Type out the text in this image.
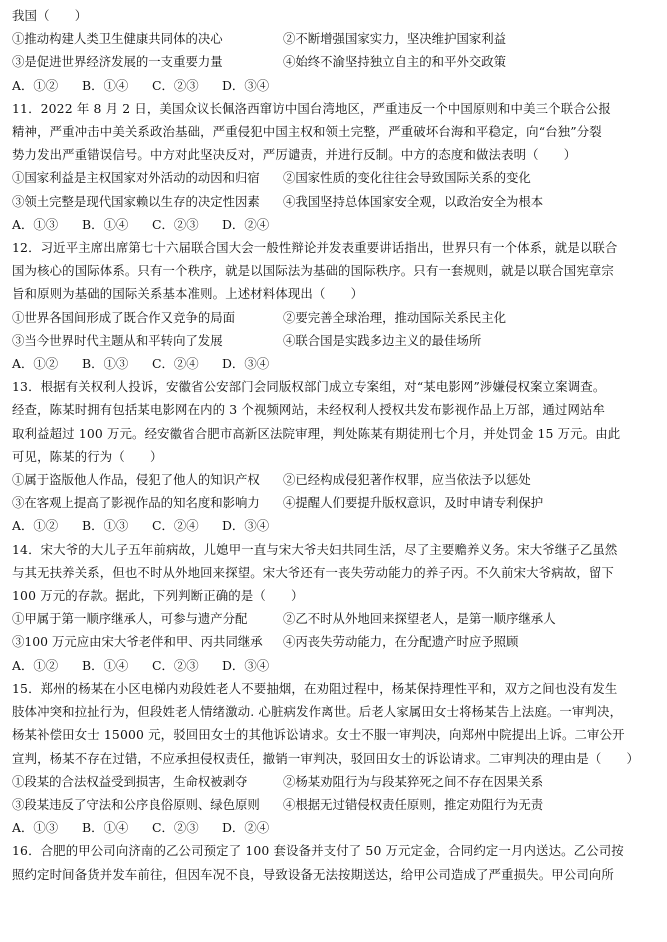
我国（　　）
①推动构建人类卫生健康共同体的决心	②不断增强国家实力，坚决维护国家利益
③是促进世界经济发展的一支重要力量	④始终不渝坚持独立自主的和平外交政策
A．①②	B．①④	C．②③	D．③④
11．2022 年 8 月 2 日，美国众议长佩洛西窜访中国台湾地区，严重违反一个中国原则和中美三个联合公报
精神，严重冲击中美关系政治基础，严重侵犯中国主权和领土完整，严重破坏台海和平稳定，向“台独”分裂
势力发出严重错误信号。中方对此坚决反对，严厉谴责，并进行反制。中方的态度和做法表明（　　）
①国家利益是主权国家对外活动的动因和归宿	②国家性质的变化往往会导致国际关系的变化
③领土完整是现代国家赖以生存的决定性因素	④我国坚持总体国家安全观，以政治安全为根本
A．①③	B．①④	C．②③	D．②④
12．习近平主席出席第七十六届联合国大会一般性辩论并发表重要讲话指出，世界只有一个体系，就是以联合
国为核心的国际体系。只有一个秩序，就是以国际法为基础的国际秩序。只有一套规则，就是以联合国宪章宗
旨和原则为基础的国际关系基本准则。上述材料体现出（　　）
①世界各国间形成了既合作又竞争的局面	②要完善全球治理，推动国际关系民主化
③当今世界时代主题从和平转向了发展	④联合国是实践多边主义的最佳场所
A．①②	B．①③	C．②④	D．③④
13．根据有关权利人投诉，安徽省公安部门会同版权部门成立专案组，对“某电影网”涉嫌侵权案立案调查。
经查，陈某时拥有包括某电影网在内的 3 个视频网站，未经权利人授权共发布影视作品上万部，通过网站牟
取利益超过 100 万元。经安徽省合肥市高新区法院审理，判处陈某有期徒刑七个月，并处罚金 15 万元。由此
可见，陈某的行为（　　）
①属于盗版他人作品，侵犯了他人的知识产权	②已经构成侵犯著作权罪，应当依法予以惩处
③在客观上提高了影视作品的知名度和影响力	④提醒人们要提升版权意识，及时申请专利保护
A．①②	B．①③	C．②④	D．③④
14．宋大爷的大儿子五年前病故，儿媳甲一直与宋大爷夫妇共同生活，尽了主要赡养义务。宋大爷继子乙虽然
与其无扶养关系，但也不时从外地回来探望。宋大爷还有一丧失劳动能力的养子丙。不久前宋大爷病故，留下
100 万元的存款。据此，下列判断正确的是（　　）
①甲属于第一顺序继承人，可参与遗产分配	②乙不时从外地回来探望老人，是第一顺序继承人
③100 万元应由宋大爷老伴和甲、丙共同继承	④丙丧失劳动能力，在分配遗产时应予照顾
A．①②	B．①④	C．②③	D．③④
15．郑州的杨某在小区电梯内劝段姓老人不要抽烟，在劝阻过程中，杨某保持理性平和，双方之间也没有发生
肢体冲突和拉扯行为，但段姓老人情绪激动. 心脏病发作离世。后老人家属田女士将杨某告上法庭。一审判决，
杨某补偿田女士 15000 元，驳回田女士的其他诉讼请求。女士不服一审判决，向郑州中院提出上诉。二审公开
宣判，杨某不存在过错，不应承担侵权责任，撤销一审判决，驳回田女士的诉讼请求。二审判决的理由是（　　）
①段某的合法权益受到损害，生命权被剥夺	②杨某劝阻行为与段某猝死之间不存在因果关系
③段某违反了守法和公序良俗原则、绿色原则	④根据无过错侵权责任原则，推定劝阻行为无责
A．①③	B．①④	C．②③	D．②④
16．合肥的甲公司向济南的乙公司预定了 100 套设备并支付了 50 万元定金，合同约定一月内送达。乙公司按
照约定时间备货并发车前往，但因车况不良，导致设备无法按期送达，给甲公司造成了严重损失。甲公司向所
